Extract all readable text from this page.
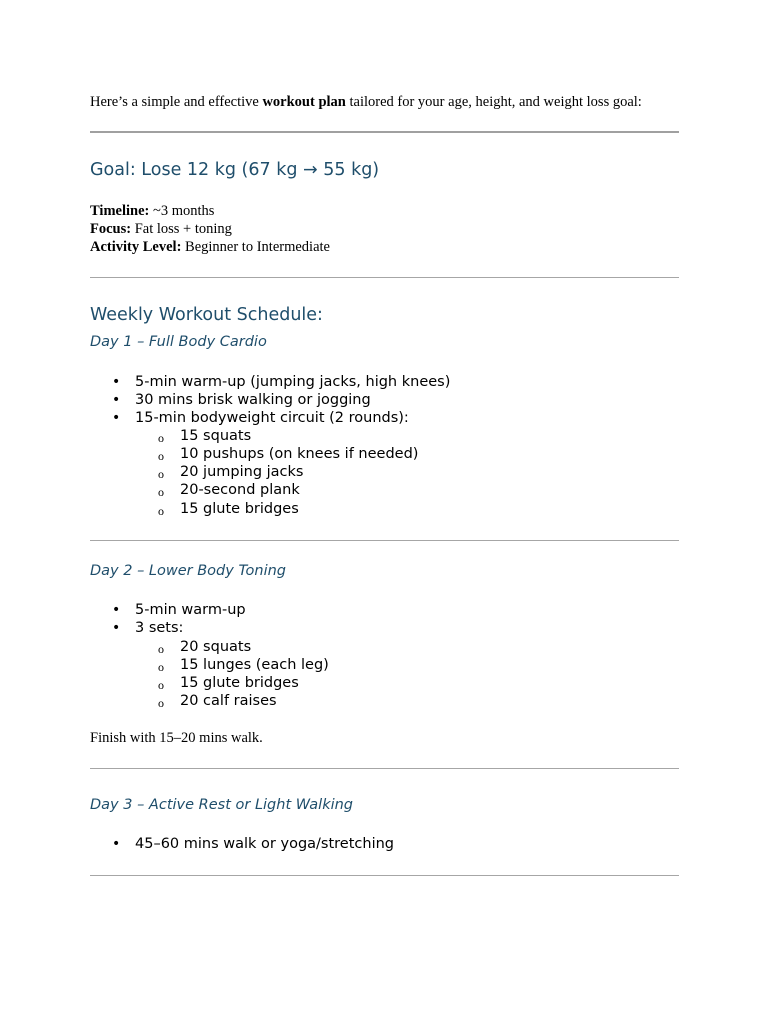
Here’s a simple and effective workout plan tailored for your age, height, and weight loss goal:
Goal: Lose 12 kg (67 kg → 55 kg)
Timeline: ~3 months
Focus: Fat loss + toning
Activity Level: Beginner to Intermediate
Weekly Workout Schedule:
Day 1 – Full Body Cardio
• 5-min warm-up (jumping jacks, high knees)
• 30 mins brisk walking or jogging
• 15-min bodyweight circuit (2 rounds):
o 15 squats
o 10 pushups (on knees if needed)
o 20 jumping jacks
o 20-second plank
o 15 glute bridges
Day 2 – Lower Body Toning
• 5-min warm-up
• 3 sets:
o 20 squats
o 15 lunges (each leg)
o 15 glute bridges
o 20 calf raises
Finish with 15–20 mins walk.
Day 3 – Active Rest or Light Walking
• 45–60 mins walk or yoga/stretching
